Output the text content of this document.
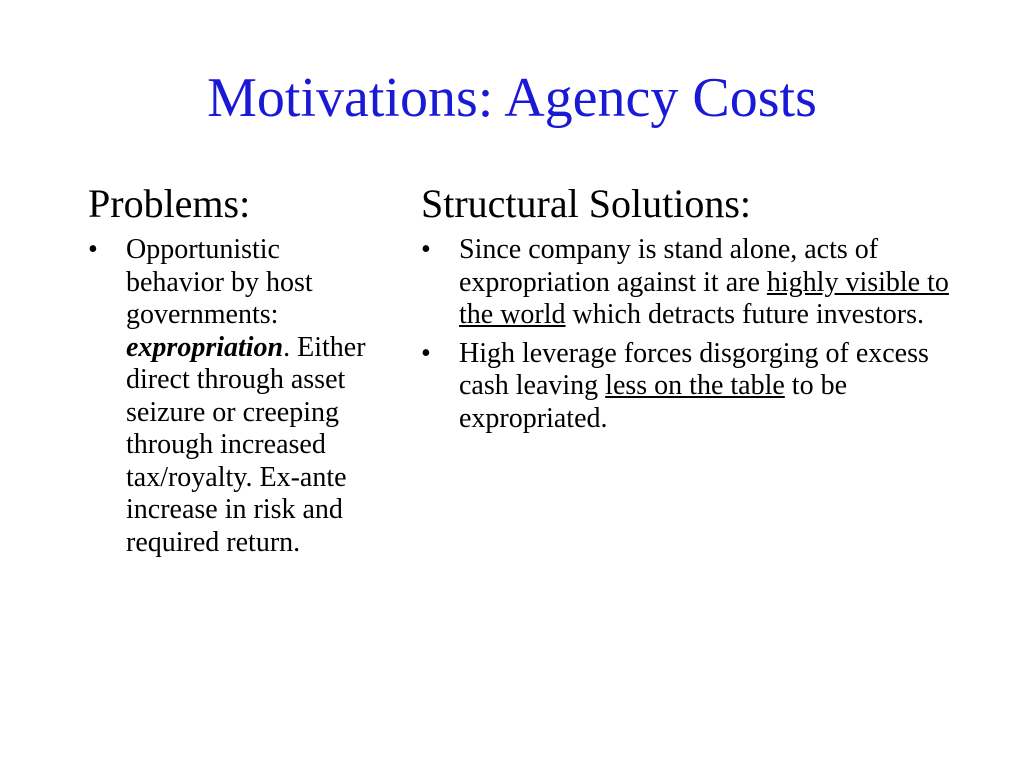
Motivations: Agency Costs
Problems:
• Opportunistic behavior by host governments: expropriation. Either direct through asset seizure or creeping through increased tax/royalty. Ex-ante increase in risk and required return.
Structural Solutions:
• Since company is stand alone, acts of expropriation against it are highly visible to the world which detracts future investors.
• High leverage forces disgorging of excess cash leaving less on the table to be expropriated.
